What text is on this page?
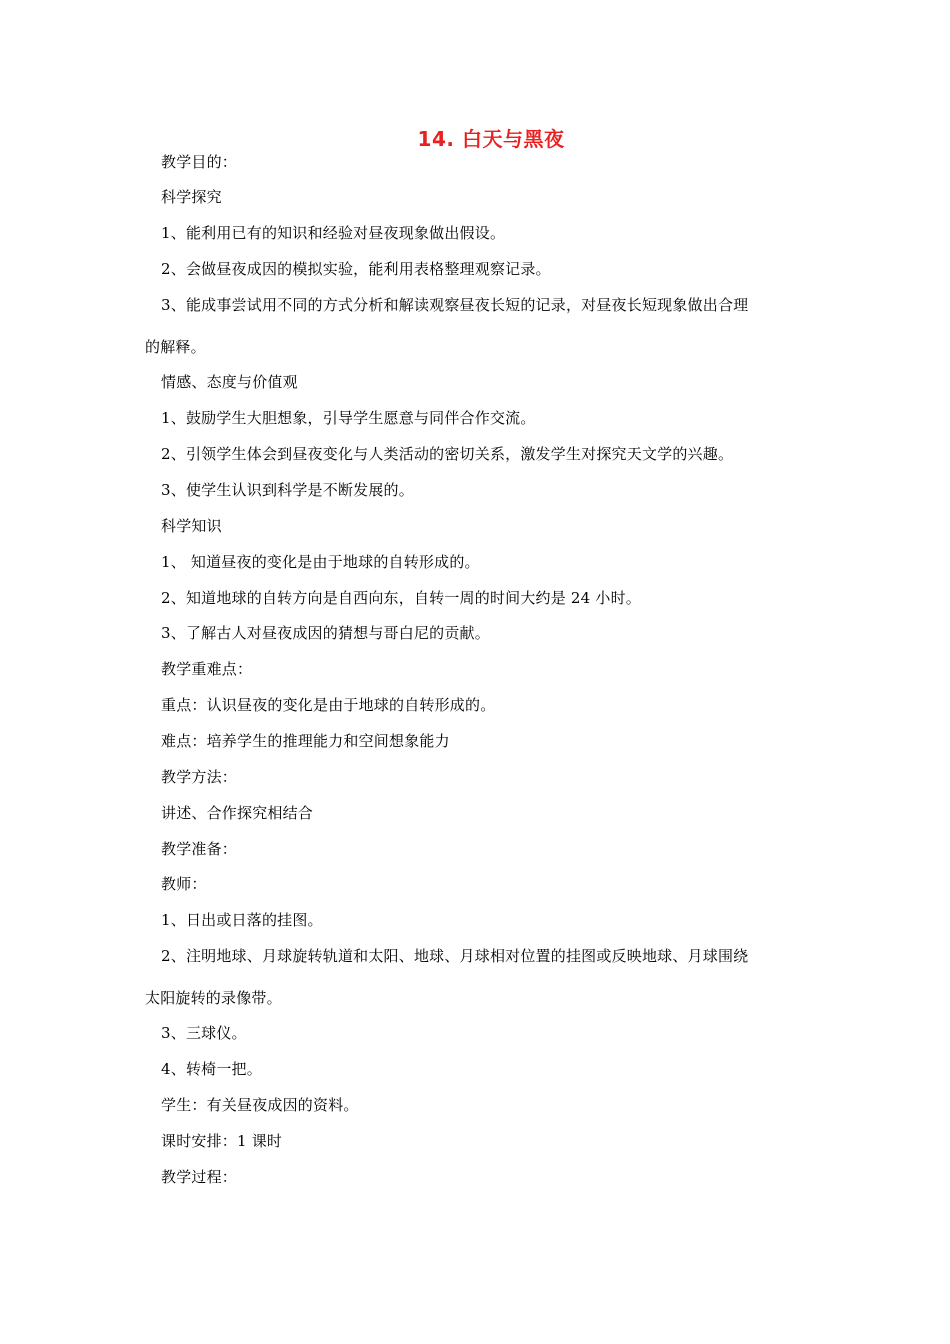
14. 白天与黑夜
教学目的：
科学探究
1、能利用已有的知识和经验对昼夜现象做出假设。
2、会做昼夜成因的模拟实验，能利用表格整理观察记录。
3、能成事尝试用不同的方式分析和解读观察昼夜长短的记录，对昼夜长短现象做出合理
的解释。
情感、态度与价值观
1、鼓励学生大胆想象，引导学生愿意与同伴合作交流。
2、引领学生体会到昼夜变化与人类活动的密切关系，激发学生对探究天文学的兴趣。
3、使学生认识到科学是不断发展的。
科学知识
1、 知道昼夜的变化是由于地球的自转形成的。
2、知道地球的自转方向是自西向东，自转一周的时间大约是 24 小时。
3、了解古人对昼夜成因的猜想与哥白尼的贡献。
教学重难点：
重点：认识昼夜的变化是由于地球的自转形成的。
难点：培养学生的推理能力和空间想象能力
教学方法：
讲述、合作探究相结合
教学准备：
教师：
1、日出或日落的挂图。
2、注明地球、月球旋转轨道和太阳、地球、月球相对位置的挂图或反映地球、月球围绕
太阳旋转的录像带。
3、三球仪。
4、转椅一把。
学生：有关昼夜成因的资料。
课时安排：1 课时
教学过程：
